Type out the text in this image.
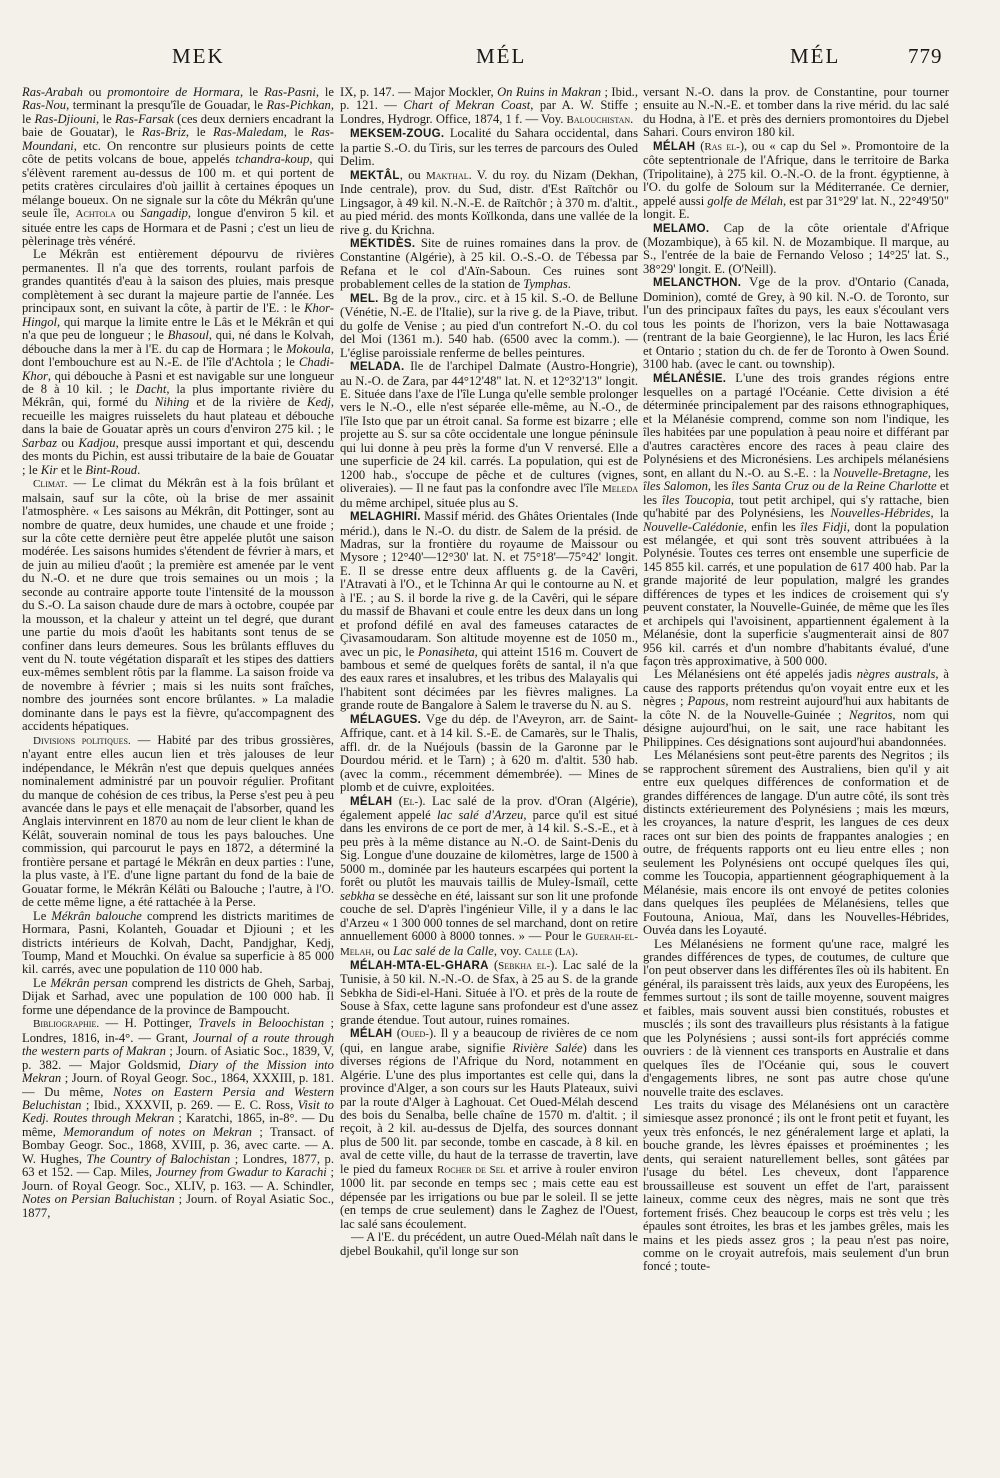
MEK	MÉL	MÉL	779

Ras-Arabah ou promontoire de Hormara, le Ras-Pasni, le Ras-Nou, terminant la presqu'île de Gouadar, le Ras-Pichkan, le Ras-Djiouni, le Ras-Farsak (ces deux derniers encadrant la baie de Gouatar), le Ras-Briz, le Ras-Maledam, le Ras-Moundani, etc. On rencontre sur plusieurs points de cette côte de petits volcans de boue, appelés tchandra-koup, qui s'élèvent rarement au-dessus de 100 m. et qui portent de petits cratères circulaires d'où jaillit à certaines époques un mélange boueux. On ne signale sur la côte du Mékrân qu'une seule île, Achtola ou Sangadip, longue d'environ 5 kil. et située entre les caps de Hormara et de Pasni ; c'est un lieu de pèlerinage très vénéré.

Le Mékrân est entièrement dépourvu de rivières permanentes. Il n'a que des torrents, roulant parfois de grandes quantités d'eau à la saison des pluies, mais presque complètement à sec durant la majeure partie de l'année. Les principaux sont, en suivant la côte, à partir de l'E. : le Khor-Hingol, qui marque la limite entre le Lâs et le Mékrân et qui n'a que peu de longueur ; le Bhasoul, qui, né dans le Kolvah, débouche dans la mer à l'E. du cap de Hormara ; le Mokoula, dont l'embouchure est au N.-E. de l'île d'Achtola ; le Chadi-Khor, qui débouche à Pasni et est navigable sur une longueur de 8 à 10 kil. ; le Dacht, la plus importante rivière du Mékrân, qui, formé du Nihing et de la rivière de Kedj, recueille les maigres ruisselets du haut plateau et débouche dans la baie de Gouatar après un cours d'environ 275 kil. ; le Sarbaz ou Kadjou, presque aussi important et qui, descendu des monts du Pichin, est aussi tributaire de la baie de Gouatar ; le Kir et le Bint-Roud.

Climat. — Le climat du Mékrân est à la fois brûlant et malsain, sauf sur la côte, où la brise de mer assainit l'atmosphère. « Les saisons au Mékrân, dit Pottinger, sont au nombre de quatre, deux humides, une chaude et une froide ; sur la côte cette dernière peut être appelée plutôt une saison modérée. Les saisons humides s'étendent de février à mars, et de juin au milieu d'août ; la première est amenée par le vent du N.-O. et ne dure que trois semaines ou un mois ; la seconde au contraire apporte toute l'intensité de la mousson du S.-O. La saison chaude dure de mars à octobre, coupée par la mousson, et la chaleur y atteint un tel degré, que durant une partie du mois d'août les habitants sont tenus de se confiner dans leurs demeures. Sous les brûlants effluves du vent du N. toute végétation disparaît et les stipes des dattiers eux-mêmes semblent rôtis par la flamme. La saison froide va de novembre à février ; mais si les nuits sont fraîches, nombre des journées sont encore brûlantes. » La maladie dominante dans le pays est la fièvre, qu'accompagnent des accidents hépatiques.

Divisions politiques. — Habité par des tribus grossières, n'ayant entre elles aucun lien et très jalouses de leur indépendance, le Mékrân n'est que depuis quelques années nominalement administré par un pouvoir régulier. Profitant du manque de cohésion de ces tribus, la Perse s'est peu à peu avancée dans le pays et elle menaçait de l'absorber, quand les Anglais intervinrent en 1870 au nom de leur client le khan de Kélât, souverain nominal de tous les pays balouches. Une commission, qui parcourut le pays en 1872, a déterminé la frontière persane et partagé le Mékrân en deux parties : l'une, la plus vaste, à l'E. d'une ligne partant du fond de la baie de Gouatar forme, le Mékrân Kélâti ou Balouche ; l'autre, à l'O. de cette même ligne, a été rattachée à la Perse.

Le Mékrân balouche comprend les districts maritimes de Hormara, Pasni, Kolanteh, Gouadar et Djiouni ; et les districts intérieurs de Kolvah, Dacht, Pandjghar, Kedj, Toump, Mand et Mouchki. On évalue sa superficie à 85 000 kil. carrés, avec une population de 110 000 hab.

Le Mékrân persan comprend les districts de Gheh, Sarbaj, Dijak et Sarhad, avec une population de 100 000 hab. Il forme une dépendance de la province de Bampoucht.

Bibliographie. — H. Pottinger, Travels in Beloochistan ; Londres, 1816, in-4°. — Grant, Journal of a route through the western parts of Makran ; Journ. of Asiatic Soc., 1839, V, p. 382. — Major Goldsmid, Diary of the Mission into Mekran ; Journ. of Royal Geogr. Soc., 1864, XXXIII, p. 181. — Du même, Notes on Eastern Persia and Western Beluchistan ; Ibid., XXXVII, p. 269. — E. C. Ross, Visit to Kedj. Routes through Mekran ; Karatchi, 1865, in-8°. — Du même, Memorandum of notes on Mekran ; Transact. of Bombay Geogr. Soc., 1868, XVIII, p. 36, avec carte. — A. W. Hughes, The Country of Balochistan ; Londres, 1877, p. 63 et 152. — Cap. Miles, Journey from Gwadur to Karachi ; Journ. of Royal Geogr. Soc., XLIV, p. 163. — A. Schindler, Notes on Persian Baluchistan ; Journ. of Royal Asiatic Soc., 1877,

IX, p. 147. — Major Mockler, On Ruins in Makran ; Ibid., p. 121. — Chart of Mekran Coast, par A. W. Stiffe ; Londres, Hydrogr. Office, 1874, 1 f. — Voy. Balouchistan.

MEKSEM-ZOUG. Localité du Sahara occidental, dans la partie S.-O. du Tiris, sur les terres de parcours des Ouled Delim.

MEKTÂL, ou Makthal. V. du roy. du Nizam (Dekhan, Inde centrale), prov. du Sud, distr. d'Est Raïtchôr ou Lingsagor, à 49 kil. N.-N.-E. de Raïtchôr ; à 370 m. d'altit., au pied mérid. des monts Koïlkonda, dans une vallée de la rive g. du Krichna.

MEKTIDÈS. Site de ruines romaines dans la prov. de Constantine (Algérie), à 25 kil. O.-S.-O. de Tébessa par Refana et le col d'Aïn-Saboun. Ces ruines sont probablement celles de la station de Tymphas.

MEL. Bg de la prov., circ. et à 15 kil. S.-O. de Bellune (Vénétie, N.-E. de l'Italie), sur la rive g. de la Piave, tribut. du golfe de Venise ; au pied d'un contrefort N.-O. du col del Moi (1361 m.). 540 hab. (6500 avec la comm.). — L'église paroissiale renferme de belles peintures.

MELADA. Ile de l'archipel Dalmate (Austro-Hongrie), au N.-O. de Zara, par 44°12'48" lat. N. et 12°32'13" longit. E. Située dans l'axe de l'île Lunga qu'elle semble prolonger vers le N.-O., elle n'est séparée elle-même, au N.-O., de l'île Isto que par un étroit canal. Sa forme est bizarre ; elle projette au S. sur sa côte occidentale une longue péninsule qui lui donne à peu près la forme d'un V renversé. Elle a une superficie de 24 kil. carrés. La population, qui est de 1200 hab., s'occupe de pêche et de cultures (vignes, oliveraies). — Il ne faut pas la confondre avec l'île Meleda du même archipel, située plus au S.

MELAGHIRI. Massif mérid. des Ghâtes Orientales (Inde mérid.), dans le N.-O. du distr. de Salem de la présid. de Madras, sur la frontière du royaume de Maissour ou Mysore ; 12°40'—12°30' lat. N. et 75°18'—75°42' longit. E. Il se dresse entre deux affluents g. de la Cavêri, l'Atravati à l'O., et le Tchinna Ar qui le contourne au N. et à l'E. ; au S. il borde la rive g. de la Cavêri, qui le sépare du massif de Bhavani et coule entre les deux dans un long et profond défilé en aval des fameuses cataractes de Çivasamoudaram. Son altitude moyenne est de 1050 m., avec un pic, le Ponasiheta, qui atteint 1516 m. Couvert de bambous et semé de quelques forêts de santal, il n'a que des eaux rares et insalubres, et les tribus des Malayalis qui l'habitent sont décimées par les fièvres malignes. La grande route de Bangalore à Salem le traverse du N. au S.

MÉLAGUES. Vge du dép. de l'Aveyron, arr. de Saint-Affrique, cant. et à 14 kil. S.-E. de Camarès, sur le Thalis, affl. dr. de la Nuéjouls (bassin de la Garonne par le Dourdou mérid. et le Tarn) ; à 620 m. d'altit. 530 hab. (avec la comm., récemment démembrée). — Mines de plomb et de cuivre, exploitées.

MÉLAH (El-). Lac salé de la prov. d'Oran (Algérie), également appelé lac salé d'Arzeu, parce qu'il est situé dans les environs de ce port de mer, à 14 kil. S.-S.-E., et à peu près à la même distance au N.-O. de Saint-Denis du Sig. Longue d'une douzaine de kilomètres, large de 1500 à 5000 m., dominée par les hauteurs escarpées qui portent la forêt ou plutôt les mauvais taillis de Muley-Ismaïl, cette sebkha se dessèche en été, laissant sur son lit une profonde couche de sel. D'après l'ingénieur Ville, il y a dans le lac d'Arzeu « 1 300 000 tonnes de sel marchand, dont on retire annuellement 6000 à 8000 tonnes. » — Pour le Guerah-el-Melah, ou Lac salé de la Calle, voy. Calle (La).

MÉLAH-MTA-EL-GHARA (Sebkha el-). Lac salé de la Tunisie, à 50 kil. N.-N.-O. de Sfax, à 25 au S. de la grande Sebkha de Sidi-el-Hani. Située à l'O. et près de la route de Souse à Sfax, cette lagune sans profondeur est d'une assez grande étendue. Tout autour, ruines romaines.

MÉLAH (Oued-). Il y a beaucoup de rivières de ce nom (qui, en langue arabe, signifie Rivière Salée) dans les diverses régions de l'Afrique du Nord, notamment en Algérie. L'une des plus importantes est celle qui, dans la province d'Alger, a son cours sur les Hauts Plateaux, suivi par la route d'Alger à Laghouat. Cet Oued-Mélah descend des bois du Senalba, belle chaîne de 1570 m. d'altit. ; il reçoit, à 2 kil. au-dessus de Djelfa, des sources donnant plus de 500 lit. par seconde, tombe en cascade, à 8 kil. en aval de cette ville, du haut de la terrasse de travertin, lave le pied du fameux Rocher de Sel et arrive à rouler environ 1000 lit. par seconde en temps sec ; mais cette eau est dépensée par les irrigations ou bue par le soleil. Il se jette (en temps de crue seulement) dans le Zaghez de l'Ouest, lac salé sans écoulement.

— A l'E. du précédent, un autre Oued-Mélah naît dans le djebel Boukahil, qu'il longe sur son

versant N.-O. dans la prov. de Constantine, pour tourner ensuite au N.-N.-E. et tomber dans la rive mérid. du lac salé du Hodna, à l'E. et près des derniers promontoires du Djebel Sahari. Cours environ 180 kil.

MÉLAH (Ras el-), ou « cap du Sel ». Promontoire de la côte septentrionale de l'Afrique, dans le territoire de Barka (Tripolitaine), à 275 kil. O.-N.-O. de la front. égyptienne, à l'O. du golfe de Soloum sur la Méditerranée. Ce dernier, appelé aussi golfe de Mélah, est par 31°29' lat. N., 22°49'50" longit. E.

MELAMO. Cap de la côte orientale d'Afrique (Mozambique), à 65 kil. N. de Mozambique. Il marque, au S., l'entrée de la baie de Fernando Veloso ; 14°25' lat. S., 38°29' longit. E. (O'Neill).

MELANCTHON. Vge de la prov. d'Ontario (Canada, Dominion), comté de Grey, à 90 kil. N.-O. de Toronto, sur l'un des principaux faîtes du pays, les eaux s'écoulant vers tous les points de l'horizon, vers la baie Nottawasaga (rentrant de la baie Georgienne), le lac Huron, les lacs Érié et Ontario ; station du ch. de fer de Toronto à Owen Sound. 3100 hab. (avec le cant. ou township).

MÉLANÉSIE. L'une des trois grandes régions entre lesquelles on a partagé l'Océanie. Cette division a été déterminée principalement par des raisons ethnographiques, et la Mélanésie comprend, comme son nom l'indique, les îles habitées par une population à peau noire et différant par d'autres caractères encore des races à peau claire des Polynésiens et des Micronésiens. Les archipels mélanésiens sont, en allant du N.-O. au S.-E. : la Nouvelle-Bretagne, les îles Salomon, les îles Santa Cruz ou de la Reine Charlotte et les îles Toucopia, tout petit archipel, qui s'y rattache, bien qu'habité par des Polynésiens, les Nouvelles-Hébrides, la Nouvelle-Calédonie, enfin les îles Fidji, dont la population est mélangée, et qui sont très souvent attribuées à la Polynésie. Toutes ces terres ont ensemble une superficie de 145 855 kil. carrés, et une population de 617 400 hab. Par la grande majorité de leur population, malgré les grandes différences de types et les indices de croisement qui s'y peuvent constater, la Nouvelle-Guinée, de même que les îles et archipels qui l'avoisinent, appartiennent également à la Mélanésie, dont la superficie s'augmenterait ainsi de 807 956 kil. carrés et d'un nombre d'habitants évalué, d'une façon très approximative, à 500 000.

Les Mélanésiens ont été appelés jadis nègres australs, à cause des rapports prétendus qu'on voyait entre eux et les nègres ; Papous, nom restreint aujourd'hui aux habitants de la côte N. de la Nouvelle-Guinée ; Negritos, nom qui désigne aujourd'hui, on le sait, une race habitant les Philippines. Ces désignations sont aujourd'hui abandonnées.

Les Mélanésiens sont peut-être parents des Negritos ; ils se rapprochent sûrement des Australiens, bien qu'il y ait entre eux quelques différences de conformation et de grandes différences de langage. D'un autre côté, ils sont très distincts extérieurement des Polynésiens ; mais les mœurs, les croyances, la nature d'esprit, les langues de ces deux races ont sur bien des points de frappantes analogies ; en outre, de fréquents rapports ont eu lieu entre elles ; non seulement les Polynésiens ont occupé quelques îles qui, comme les Toucopia, appartiennent géographiquement à la Mélanésie, mais encore ils ont envoyé de petites colonies dans quelques îles peuplées de Mélanésiens, telles que Foutouna, Anioua, Maï, dans les Nouvelles-Hébrides, Ouvéa dans les Loyauté.

Les Mélanésiens ne forment qu'une race, malgré les grandes différences de types, de coutumes, de culture que l'on peut observer dans les différentes îles où ils habitent. En général, ils paraissent très laids, aux yeux des Européens, les femmes surtout ; ils sont de taille moyenne, souvent maigres et faibles, mais souvent aussi bien constitués, robustes et musclés ; ils sont des travailleurs plus résistants à la fatigue que les Polynésiens ; aussi sont-ils fort appréciés comme ouvriers : de là viennent ces transports en Australie et dans quelques îles de l'Océanie qui, sous le couvert d'engagements libres, ne sont pas autre chose qu'une nouvelle traite des esclaves.

Les traits du visage des Mélanésiens ont un caractère simiesque assez prononcé ; ils ont le front petit et fuyant, les yeux très enfoncés, le nez généralement large et aplati, la bouche grande, les lèvres épaisses et proéminentes ; les dents, qui seraient naturellement belles, sont gâtées par l'usage du bétel. Les cheveux, dont l'apparence broussailleuse est souvent un effet de l'art, paraissent laineux, comme ceux des nègres, mais ne sont que très fortement frisés. Chez beaucoup le corps est très velu ; les épaules sont étroites, les bras et les jambes grêles, mais les mains et les pieds assez gros ; la peau n'est pas noire, comme on le croyait autrefois, mais seulement d'un brun foncé ; toute-
